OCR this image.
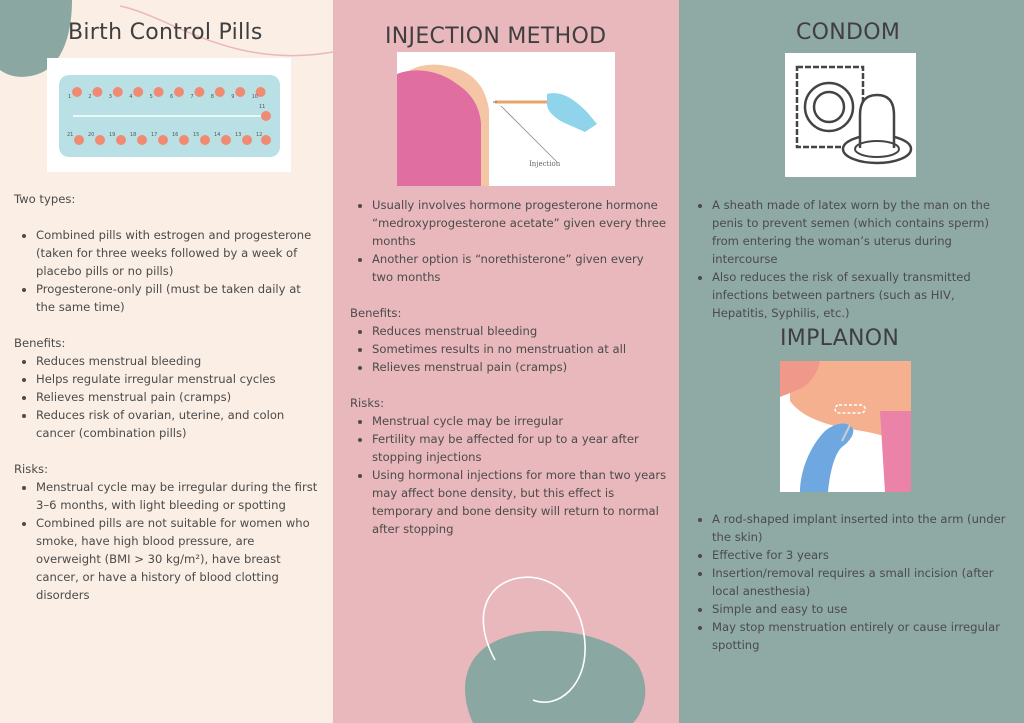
Birth Control Pills
1	2	3	4	5	6	7	8	9	10
11
21	20	19	18	17	16	15	14	13	12

Two types:

• Combined pills with estrogen and progesterone (taken for three weeks followed by a week of placebo pills or no pills)
• Progesterone-only pill (must be taken daily at the same time)

Benefits:

• Reduces menstrual bleeding
• Helps regulate irregular menstrual cycles
• Relieves menstrual pain (cramps)
• Reduces risk of ovarian, uterine, and colon cancer (combination pills)

Risks:

• Menstrual cycle may be irregular during the first 3–6 months, with light bleeding or spotting
• Combined pills are not suitable for women who smoke, have high blood pressure, are overweight (BMI > 30 kg/m²), have breast cancer, or have a history of blood clotting disorders
INJECTION METHOD
Injection
• Usually involves hormone progesterone hormone “medroxyprogesterone acetate” given every three months
• Another option is “norethisterone” given every two months

Benefits:

• Reduces menstrual bleeding
• Sometimes results in no menstruation at all
• Relieves menstrual pain (cramps)

Risks:

• Menstrual cycle may be irregular
• Fertility may be affected for up to a year after stopping injections
• Using hormonal injections for more than two years may affect bone density, but this effect is temporary and bone density will return to normal after stopping
CONDOM
• A sheath made of latex worn by the man on the penis to prevent semen (which contains sperm) from entering the woman’s uterus during intercourse
• Also reduces the risk of sexually transmitted infections between partners (such as HIV, Hepatitis, Syphilis, etc.)
IMPLANON
• A rod-shaped implant inserted into the arm (under the skin)
• Effective for 3 years
• Insertion/removal requires a small incision (after local anesthesia)
• Simple and easy to use
• May stop menstruation entirely or cause irregular spotting
